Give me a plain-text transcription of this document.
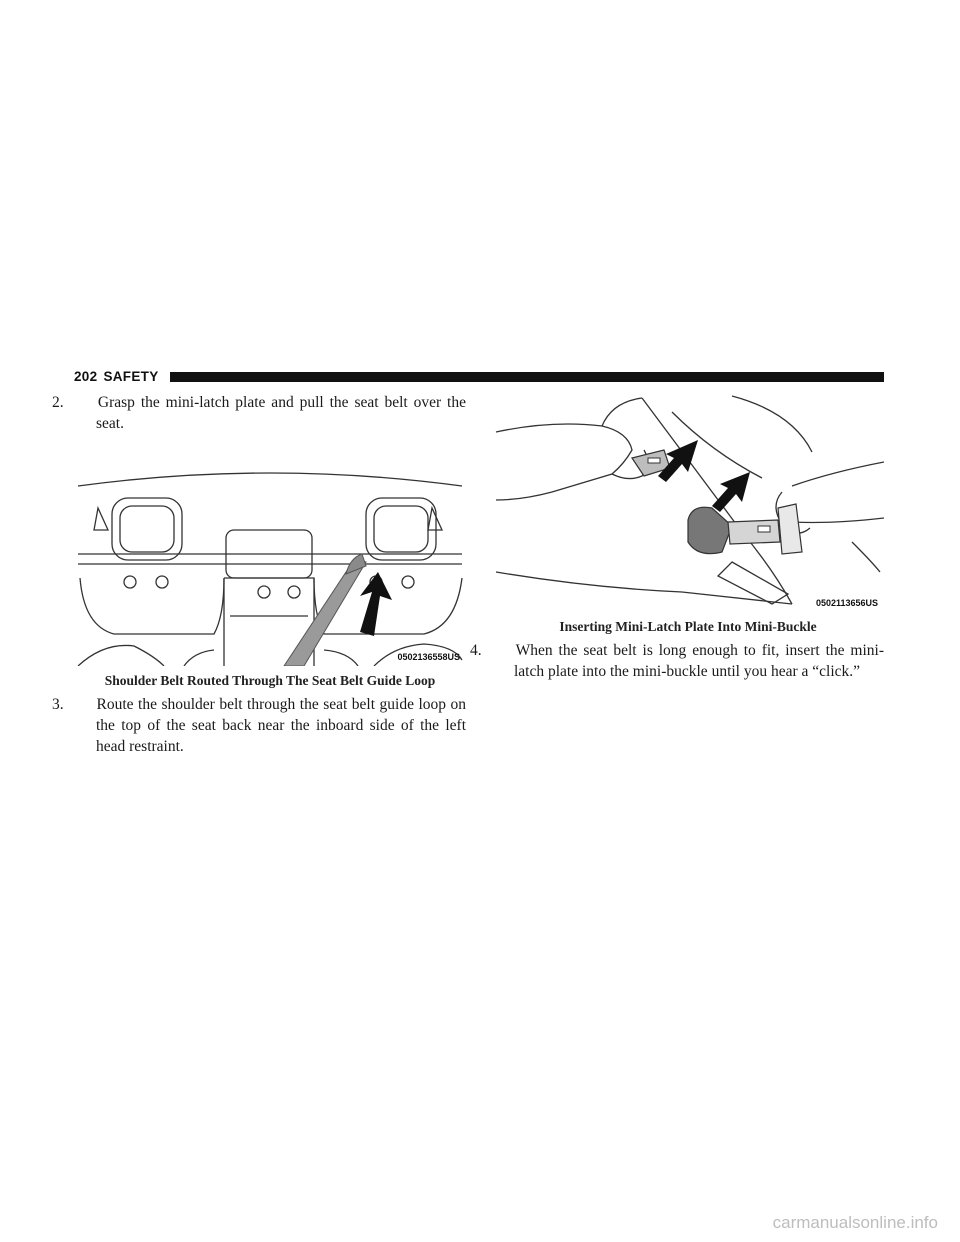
202 SAFETY

2. Grasp the mini-latch plate and pull the seat belt over the seat.

0502136558US
Shoulder Belt Routed Through The Seat Belt Guide Loop

3. Route the shoulder belt through the seat belt guide loop on the top of the seat back near the inboard side of the left head restraint.

0502113656US
Inserting Mini-Latch Plate Into Mini-Buckle

4. When the seat belt is long enough to fit, insert the mini-latch plate into the mini-buckle until you hear a “click.”

carmanualsonline.info
